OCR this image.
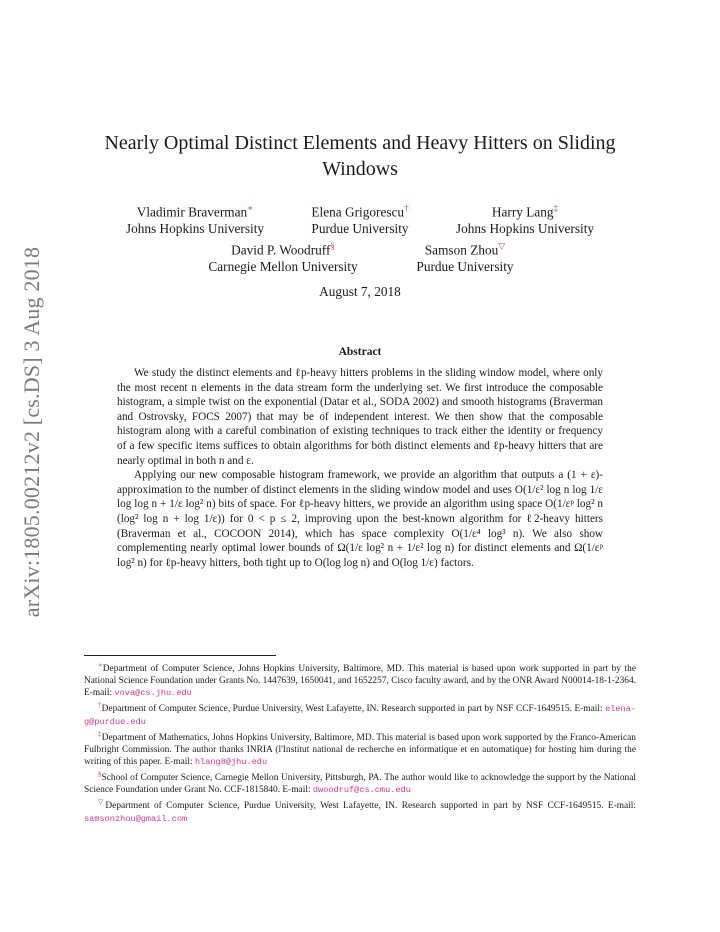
arXiv:1805.00212v2 [cs.DS] 3 Aug 2018
Nearly Optimal Distinct Elements and Heavy Hitters on Sliding Windows
Vladimir Braverman∗
Johns Hopkins University
Elena Grigorescu†
Purdue University
Harry Lang‡
Johns Hopkins University
David P. Woodruff§
Carnegie Mellon University
Samson Zhou▽
Purdue University
August 7, 2018
Abstract

We study the distinct elements and ℓp-heavy hitters problems in the sliding window model, where only the most recent n elements in the data stream form the underlying set. We first introduce the composable histogram, a simple twist on the exponential (Datar et al., SODA 2002) and smooth histograms (Braverman and Ostrovsky, FOCS 2007) that may be of independent interest. We then show that the composable histogram along with a careful combination of existing techniques to track either the identity or frequency of a few specific items suffices to obtain algorithms for both distinct elements and ℓp-heavy hitters that are nearly optimal in both n and ε.

Applying our new composable histogram framework, we provide an algorithm that outputs a (1 + ε)-approximation to the number of distinct elements in the sliding window model and uses O(1/ε² log n log 1/ε log log n + 1/ε log² n) bits of space. For ℓp-heavy hitters, we provide an algorithm using space O(1/εᵖ log² n (log² log n + log 1/ε)) for 0 < p ≤ 2, improving upon the best-known algorithm for ℓ2-heavy hitters (Braverman et al., COCOON 2014), which has space complexity O(1/ε⁴ log³ n). We also show complementing nearly optimal lower bounds of Ω(1/ε log² n + 1/ε² log n) for distinct elements and Ω(1/εᵖ log² n) for ℓp-heavy hitters, both tight up to O(log log n) and O(log 1/ε) factors.

∗Department of Computer Science, Johns Hopkins University, Baltimore, MD. This material is based upon work supported in part by the National Science Foundation under Grants No. 1447639, 1650041, and 1652257, Cisco faculty award, and by the ONR Award N00014-18-1-2364. E-mail: vova@cs.jhu.edu

†Department of Computer Science, Purdue University, West Lafayette, IN. Research supported in part by NSF CCF-1649515. E-mail: elena-g@purdue.edu

‡Department of Mathematics, Johns Hopkins University, Baltimore, MD. This material is based upon work supported by the Franco-American Fulbright Commission. The author thanks INRIA (l'Institut national de recherche en informatique et en automatique) for hosting him during the writing of this paper. E-mail: hlang8@jhu.edu

§School of Computer Science, Carnegie Mellon University, Pittsburgh, PA. The author would like to acknowledge the support by the National Science Foundation under Grant No. CCF-1815840. E-mail: dwoodruf@cs.cmu.edu

▽Department of Computer Science, Purdue University, West Lafayette, IN. Research supported in part by NSF CCF-1649515. E-mail: samsonzhou@gmail.com
